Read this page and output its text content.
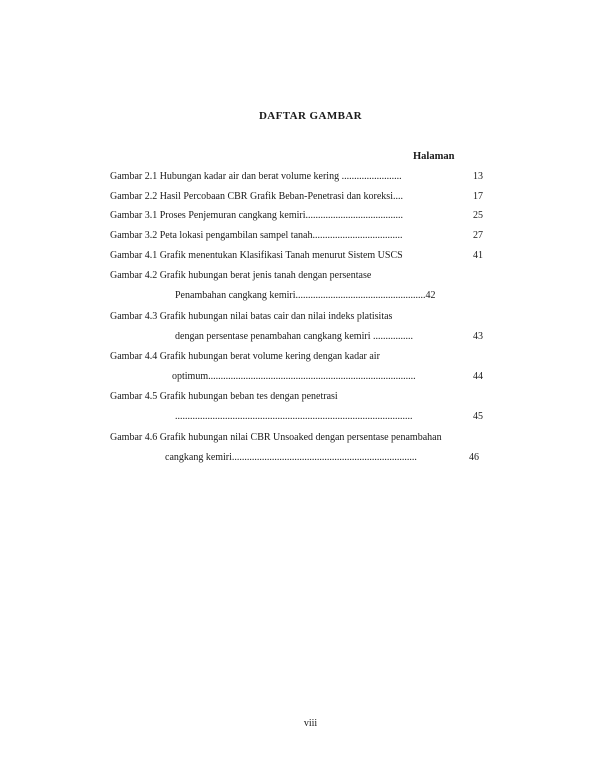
DAFTAR GAMBAR
Halaman
Gambar 2.1 Hubungan kadar air dan berat volume kering ........................	13
Gambar 2.2 Hasil Percobaan CBR Grafik Beban-Penetrasi dan koreksi....	17
Gambar 3.1 Proses Penjemuran cangkang kemiri.......................................	25
Gambar 3.2 Peta lokasi pengambilan sampel tanah....................................	27
Gambar 4.1 Grafik menentukan Klasifikasi Tanah menurut Sistem USCS	41
Gambar 4.2 Grafik hubungan berat jenis tanah dengan persentase
Penambahan cangkang kemiri....................................................42
Gambar 4.3 Grafik hubungan nilai batas cair dan nilai indeks platisitas
dengan persentase penambahan cangkang kemiri ................	43
Gambar 4.4 Grafik hubungan berat volume kering dengan kadar air
optimum...................................................................................	44
Gambar 4.5 Grafik hubungan beban tes dengan penetrasi
...............................................................................................	45
Gambar 4.6 Grafik hubungan nilai CBR Unsoaked dengan persentase penambahan
cangkang kemiri..........................................................................	46
viii
